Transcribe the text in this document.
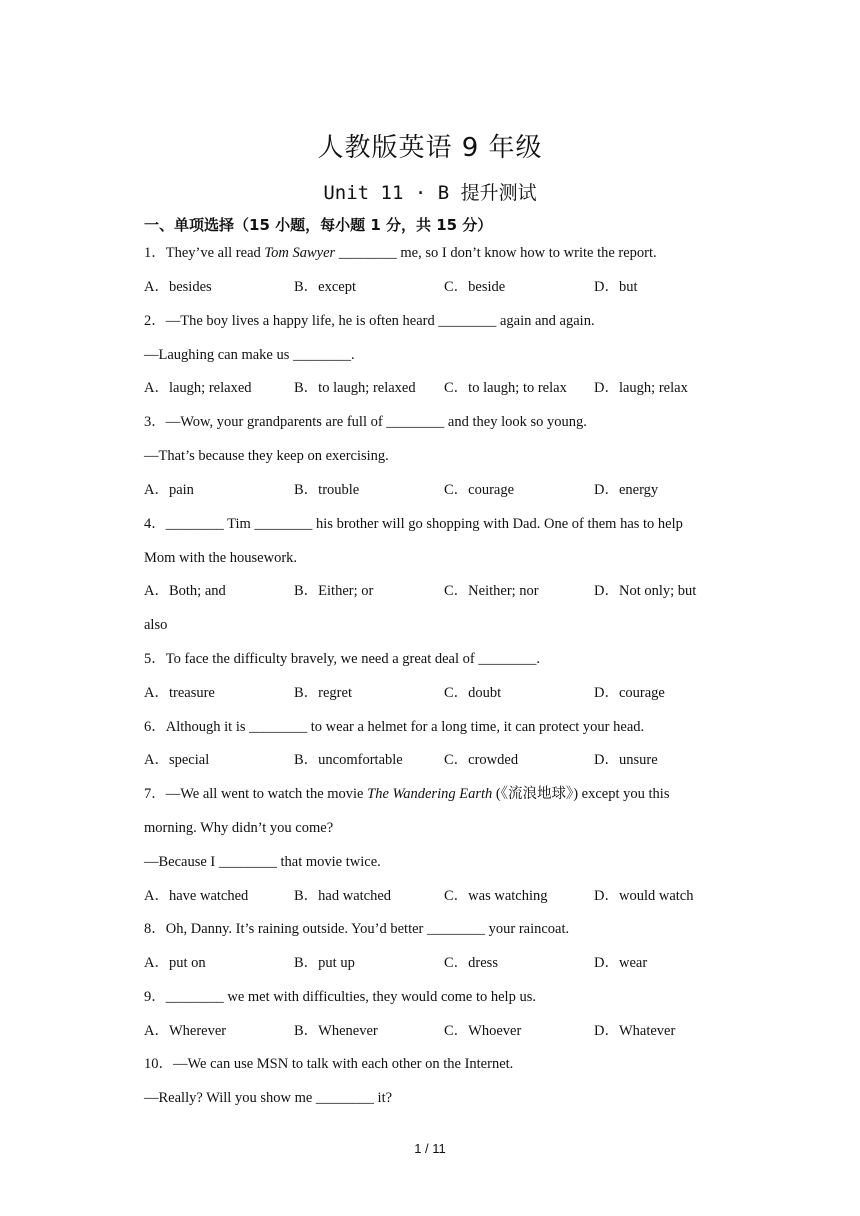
人教版英语 9 年级
Unit 11 · B 提升测试
一、单项选择（15 小题，每小题 1 分，共 15 分）
1．They’ve all read Tom Sawyer ________ me, so I don’t know how to write the report.
A．besides	B．except	C．beside	D．but
2．—The boy lives a happy life, he is often heard ________ again and again.
—Laughing can make us ________.
A．laugh; relaxed	B．to laugh; relaxed C．to laugh; to relax D．laugh; relax
3．—Wow, your grandparents are full of ________ and they look so young.
—That’s because they keep on exercising.
A．pain	B．trouble	C．courage	D．energy
4．________ Tim ________ his brother will go shopping with Dad. One of them has to help
Mom with the housework.
A．Both; and	B．Either; or	C．Neither; nor	D．Not only; but
also
5．To face the difficulty bravely, we need a great deal of ________.
A．treasure	B．regret	C．doubt	D．courage
6．Although it is ________ to wear a helmet for a long time, it can protect your head.
A．special	B．uncomfortable	C．crowded	D．unsure
7．—We all went to watch the movie The Wandering Earth (《流浪地球》) except you this
morning. Why didn’t you come?
—Because I ________ that movie twice.
A．have watched	B．had watched	C．was watching	D．would watch
8．Oh, Danny. It’s raining outside. You’d better ________ your raincoat.
A．put on	B．put up	C．dress	D．wear
9．________ we met with difficulties, they would come to help us.
A．Wherever	B．Whenever	C．Whoever	D．Whatever
10．—We can use MSN to talk with each other on the Internet.
—Really? Will you show me ________ it?
1 / 11
